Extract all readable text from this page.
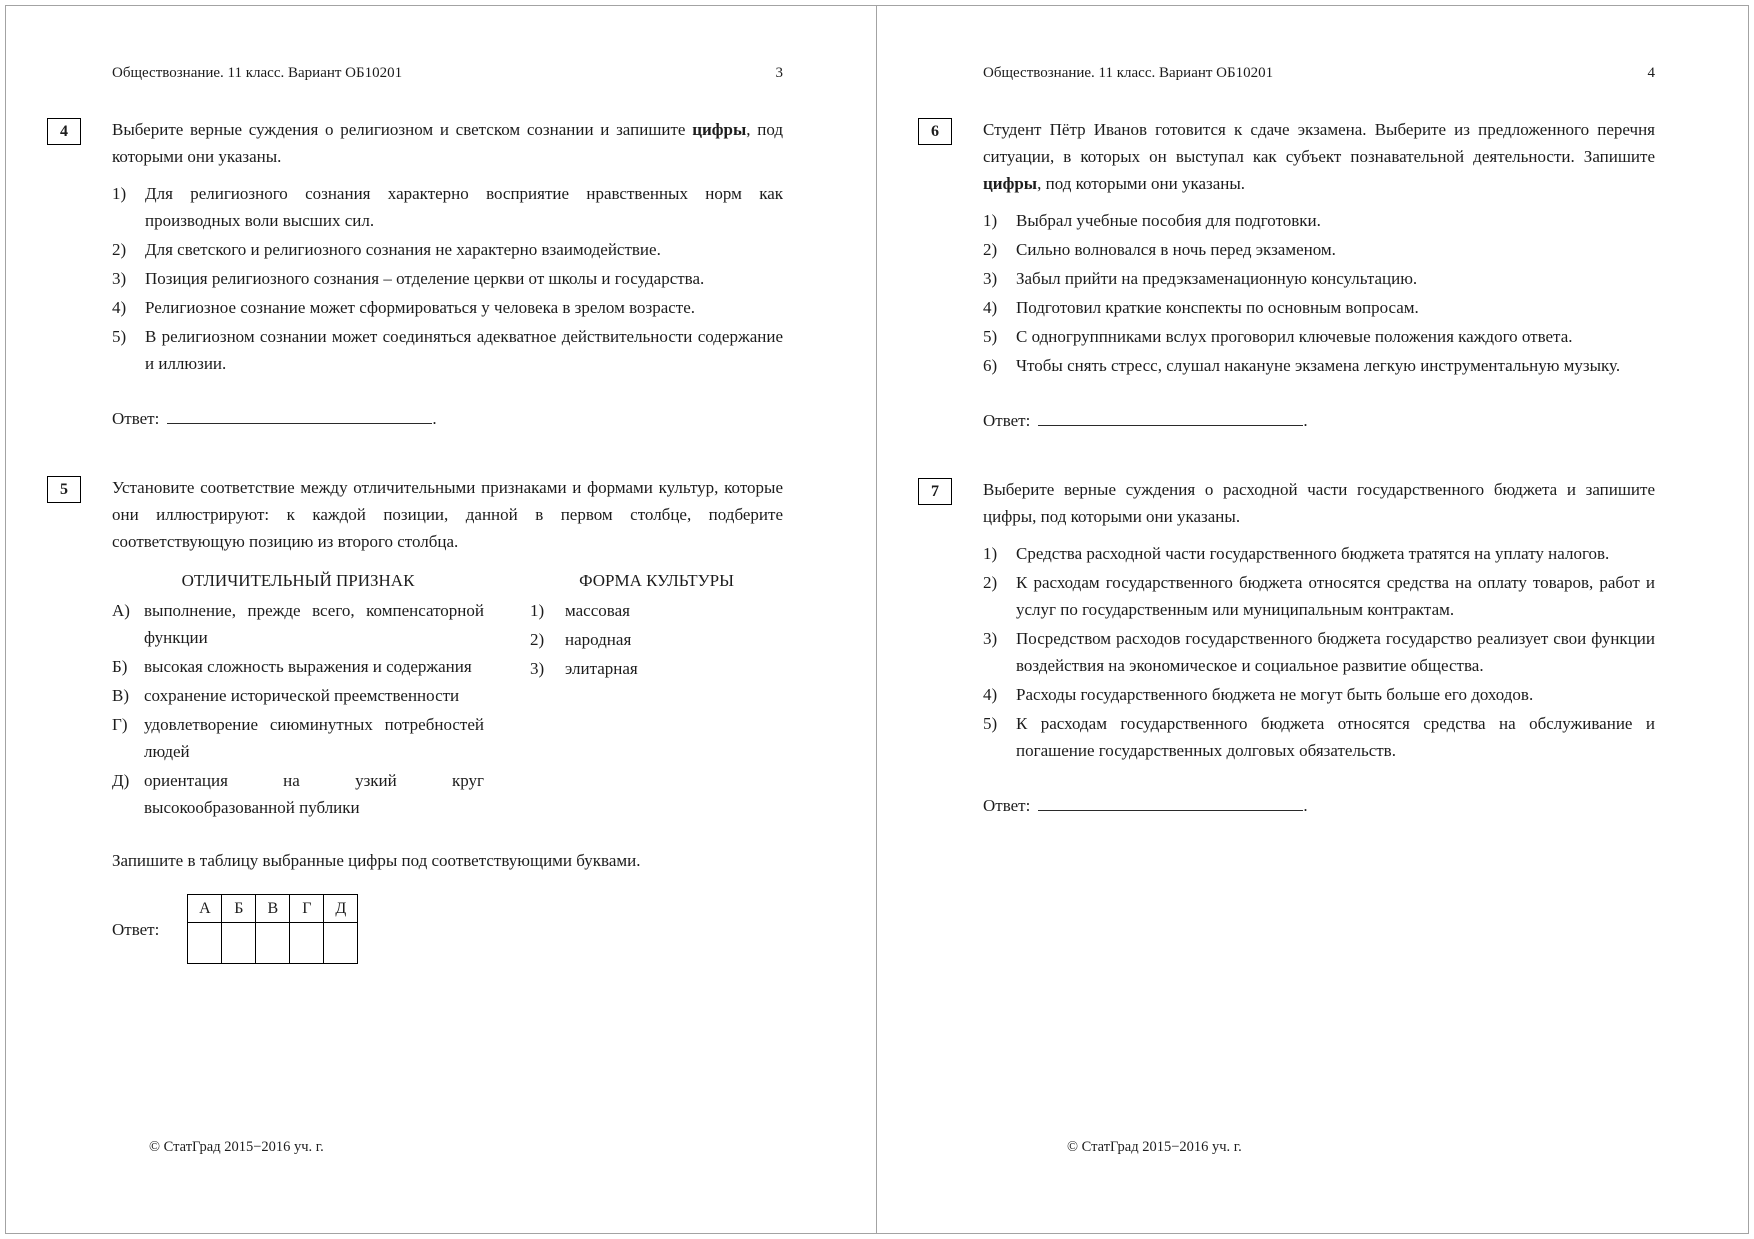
Обществознание. 11 класс. Вариант ОБ10201	3
4	Выберите верные суждения о религиозном и светском сознании и запишите цифры, под которыми они указаны.

1)	Для религиозного сознания характерно восприятие нравственных норм как производных воли высших сил.
2)	Для светского и религиозного сознания не характерно взаимодействие.
3)	Позиция религиозного сознания – отделение церкви от школы и государства.
4)	Религиозное сознание может сформироваться у человека в зрелом возрасте.
5)	В религиозном сознании может соединяться адекватное действительности содержание и иллюзии.
Ответ:	.
5	Установите соответствие между отличительными признаками и формами культур, которые они иллюстрируют: к каждой позиции, данной в первом столбце, подберите соответствующую позицию из второго столбца.

ОТЛИЧИТЕЛЬНЫЙ ПРИЗНАК	ФОРМА КУЛЬТУРЫ
А) выполнение, прежде всего, компенсаторной функции
Б) высокая сложность выражения и содержания
В) сохранение исторической преемственности
Г) удовлетворение сиюминутных потребностей людей
Д) ориентация на узкий круг высокообразованной публики
1)	массовая
2)	народная
3)	элитарная

Запишите в таблицу выбранные цифры под соответствующими буквами.

Ответ:
А	Б	В	Г	Д

© СтатГрад 2015−2016 уч. г.
Обществознание. 11 класс. Вариант ОБ10201	4
6	Студент Пётр Иванов готовится к сдаче экзамена. Выберите из предложенного перечня ситуации, в которых он выступал как субъект познавательной деятельности. Запишите цифры, под которыми они указаны.

1)	Выбрал учебные пособия для подготовки.
2)	Сильно волновался в ночь перед экзаменом.
3)	Забыл прийти на предэкзаменационную консультацию.
4)	Подготовил краткие конспекты по основным вопросам.
5)	С одногруппниками вслух проговорил ключевые положения каждого ответа.
6)	Чтобы снять стресс, слушал накануне экзамена легкую инструментальную музыку.
Ответ:	.
7	Выберите верные суждения о расходной части государственного бюджета и запишите цифры, под которыми они указаны.

1)	Средства расходной части государственного бюджета тратятся на уплату налогов.
2)	К расходам государственного бюджета относятся средства на оплату товаров, работ и услуг по государственным или муниципальным контрактам.
3)	Посредством расходов государственного бюджета государство реализует свои функции воздействия на экономическое и социальное развитие общества.
4)	Расходы государственного бюджета не могут быть больше его доходов.
5)	К расходам государственного бюджета относятся средства на обслуживание и погашение государственных долговых обязательств.
Ответ:	.
© СтатГрад 2015−2016 уч. г.
